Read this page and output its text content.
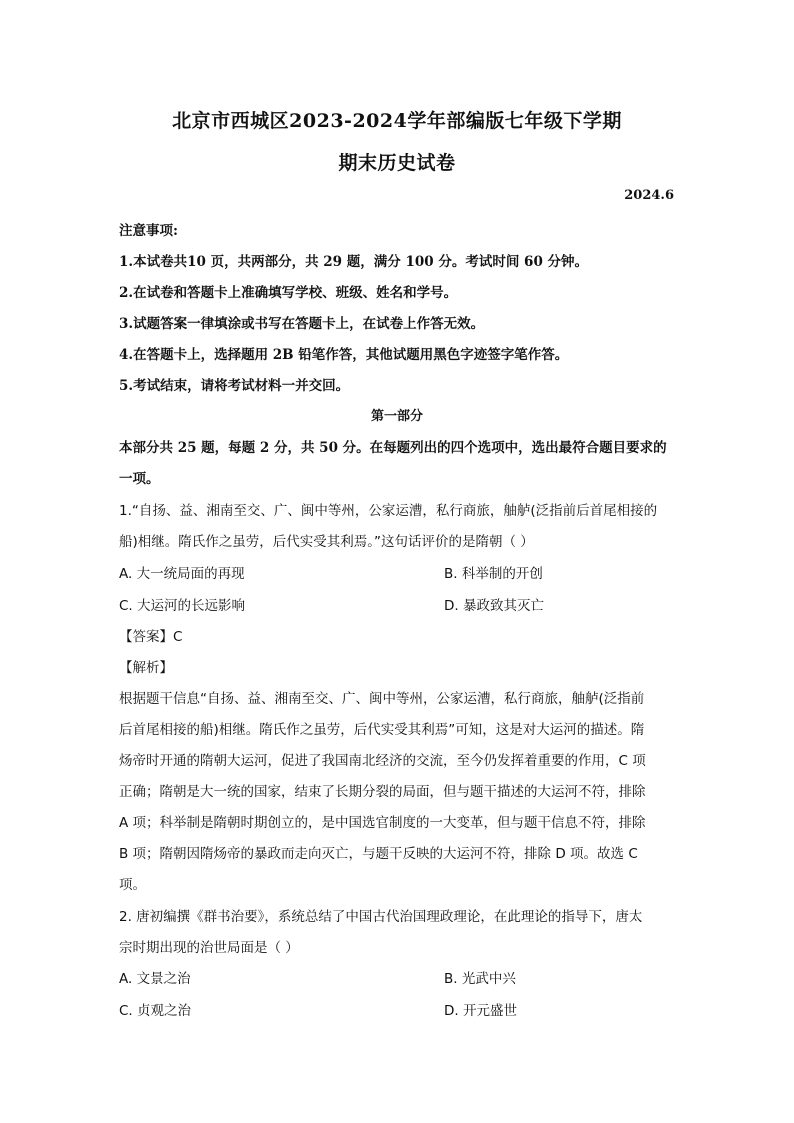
北京市西城区2023-2024学年部编版七年级下学期
期末历史试卷
2024.6
注意事项:
1.本试卷共10 页，共两部分，共 29 题，满分 100 分。考试时间 60 分钟。
2.在试卷和答题卡上准确填写学校、班级、姓名和学号。
3.试题答案一律填涂或书写在答题卡上，在试卷上作答无效。
4.在答题卡上，选择题用 2B 铅笔作答，其他试题用黑色字迹签字笔作答。
5.考试结束，请将考试材料一并交回。
第一部分
本部分共 25 题，每题 2 分，共 50 分。在每题列出的四个选项中，选出最符合题目要求的
一项。
1.“自扬、益、湘南至交、广、闽中等州，公家运漕，私行商旅，舳舻(泛指前后首尾相接的
船)相继。隋氏作之虽劳，后代实受其利焉。”这句话评价的是隋朝（ ）
A. 大一统局面的再现	B. 科举制的开创
C. 大运河的长远影响	D. 暴政致其灭亡
【答案】C
【解析】
根据题干信息“自扬、益、湘南至交、广、闽中等州，公家运漕，私行商旅，舳舻(泛指前
后首尾相接的船)相继。隋氏作之虽劳，后代实受其利焉”可知，这是对大运河的描述。隋
炀帝时开通的隋朝大运河，促进了我国南北经济的交流，至今仍发挥着重要的作用，C 项
正确；隋朝是大一统的国家，结束了长期分裂的局面，但与题干描述的大运河不符，排除
A 项；科举制是隋朝时期创立的，是中国选官制度的一大变革，但与题干信息不符，排除
B 项；隋朝因隋炀帝的暴政而走向灭亡，与题干反映的大运河不符，排除 D 项。故选 C
项。
2. 唐初编撰《群书治要》，系统总结了中国古代治国理政理论，在此理论的指导下，唐太
宗时期出现的治世局面是（ ）
A. 文景之治	B. 光武中兴
C. 贞观之治	D. 开元盛世
